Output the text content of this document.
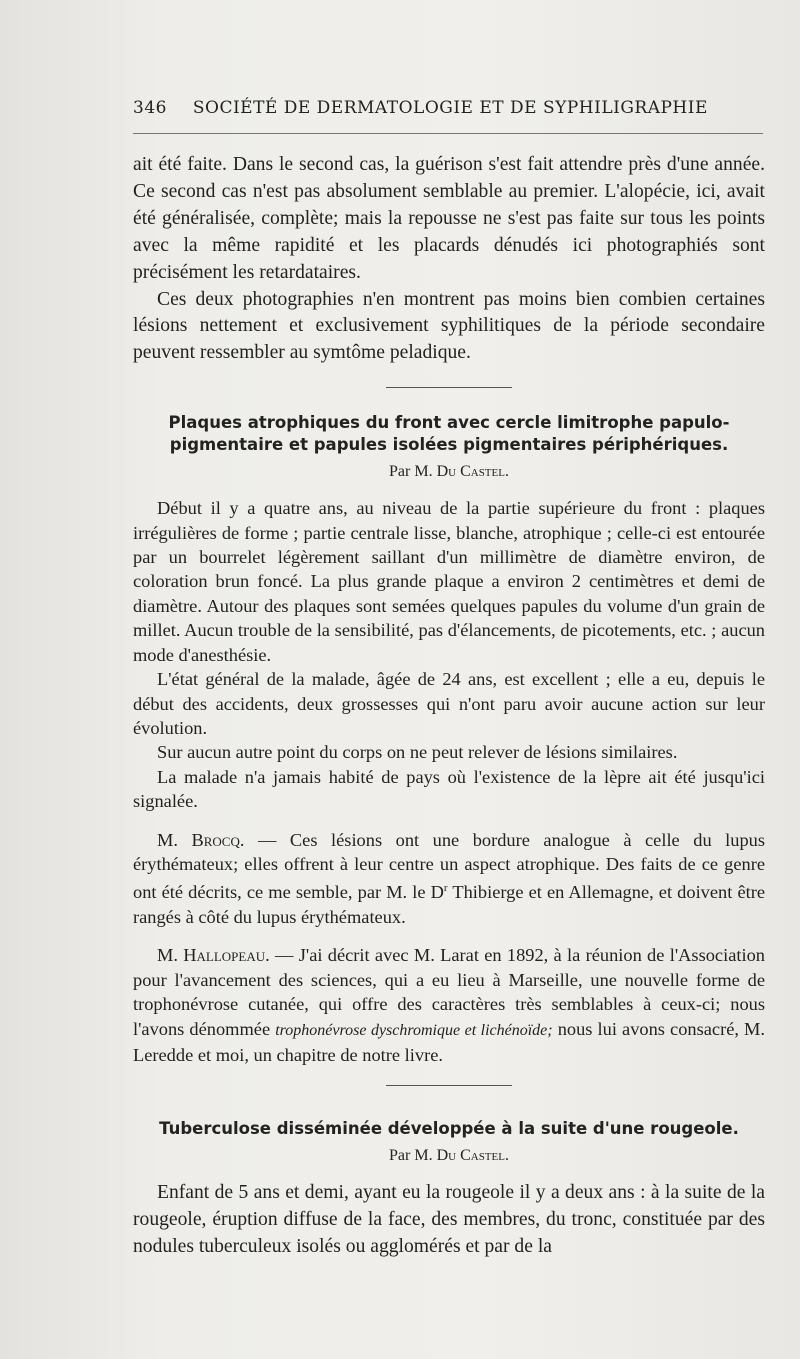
346 SOCIÉTÉ DE DERMATOLOGIE ET DE SYPHILIGRAPHIE

ait été faite. Dans le second cas, la guérison s'est fait attendre près d'une année. Ce second cas n'est pas absolument semblable au premier. L'alopécie, ici, avait été généralisée, complète; mais la repousse ne s'est pas faite sur tous les points avec la même rapidité et les placards dénudés ici photographiés sont précisément les retardataires.

Ces deux photographies n'en montrent pas moins bien combien certaines lésions nettement et exclusivement syphilitiques de la période secondaire peuvent ressembler au symtôme peladique.

Plaques atrophiques du front avec cercle limitrophe papulo-pigmentaire et papules isolées pigmentaires périphériques.

Par M. Du Castel.

Début il y a quatre ans, au niveau de la partie supérieure du front : plaques irrégulières de forme ; partie centrale lisse, blanche, atrophique ; celle-ci est entourée par un bourrelet légèrement saillant d'un millimètre de diamètre environ, de coloration brun foncé. La plus grande plaque a environ 2 centimètres et demi de diamètre. Autour des plaques sont semées quelques papules du volume d'un grain de millet. Aucun trouble de la sensibilité, pas d'élancements, de picotements, etc. ; aucun mode d'anesthésie.

L'état général de la malade, âgée de 24 ans, est excellent ; elle a eu, depuis le début des accidents, deux grossesses qui n'ont paru avoir aucune action sur leur évolution.

Sur aucun autre point du corps on ne peut relever de lésions similaires.

La malade n'a jamais habité de pays où l'existence de la lèpre ait été jusqu'ici signalée.

M. Brocq. — Ces lésions ont une bordure analogue à celle du lupus érythémateux; elles offrent à leur centre un aspect atrophique. Des faits de ce genre ont été décrits, ce me semble, par M. le $D^r$ Thibierge et en Allemagne, et doivent être rangés à côté du lupus érythémateux.

M. Hallopeau. — J'ai décrit avec M. Larat en 1892, à la réunion de l'Association pour l'avancement des sciences, qui a eu lieu à Marseille, une nouvelle forme de trophonévrose cutanée, qui offre des caractères très semblables à ceux-ci; nous l'avons dénommée trophonévrose dyschromique et lichénoïde; nous lui avons consacré, M. Leredde et moi, un chapitre de notre livre.

Tuberculose disséminée développée à la suite d'une rougeole.

Par M. Du Castel.

Enfant de 5 ans et demi, ayant eu la rougeole il y a deux ans : à la suite de la rougeole, éruption diffuse de la face, des membres, du tronc, constituée par des nodules tuberculeux isolés ou agglomérés et par de la
